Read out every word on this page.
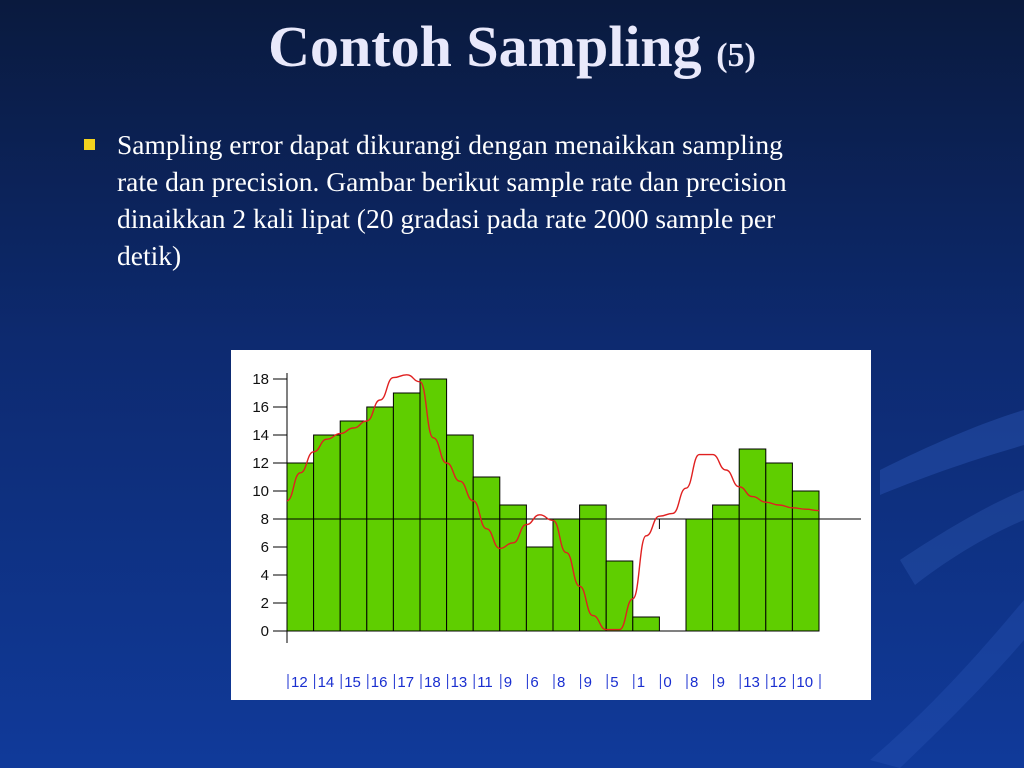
Contoh Sampling (5)
Sampling error dapat dikurangi dengan menaikkan sampling rate dan precision. Gambar berikut sample rate dan precision dinaikkan 2 kali lipat (20 gradasi pada rate 2000 sample per detik)
0
2
4
6
8
10
12
14
16
18
12 14 15 16 17 18 13 11 9 6 8 9 5 1 0 8 9 13 12 10
